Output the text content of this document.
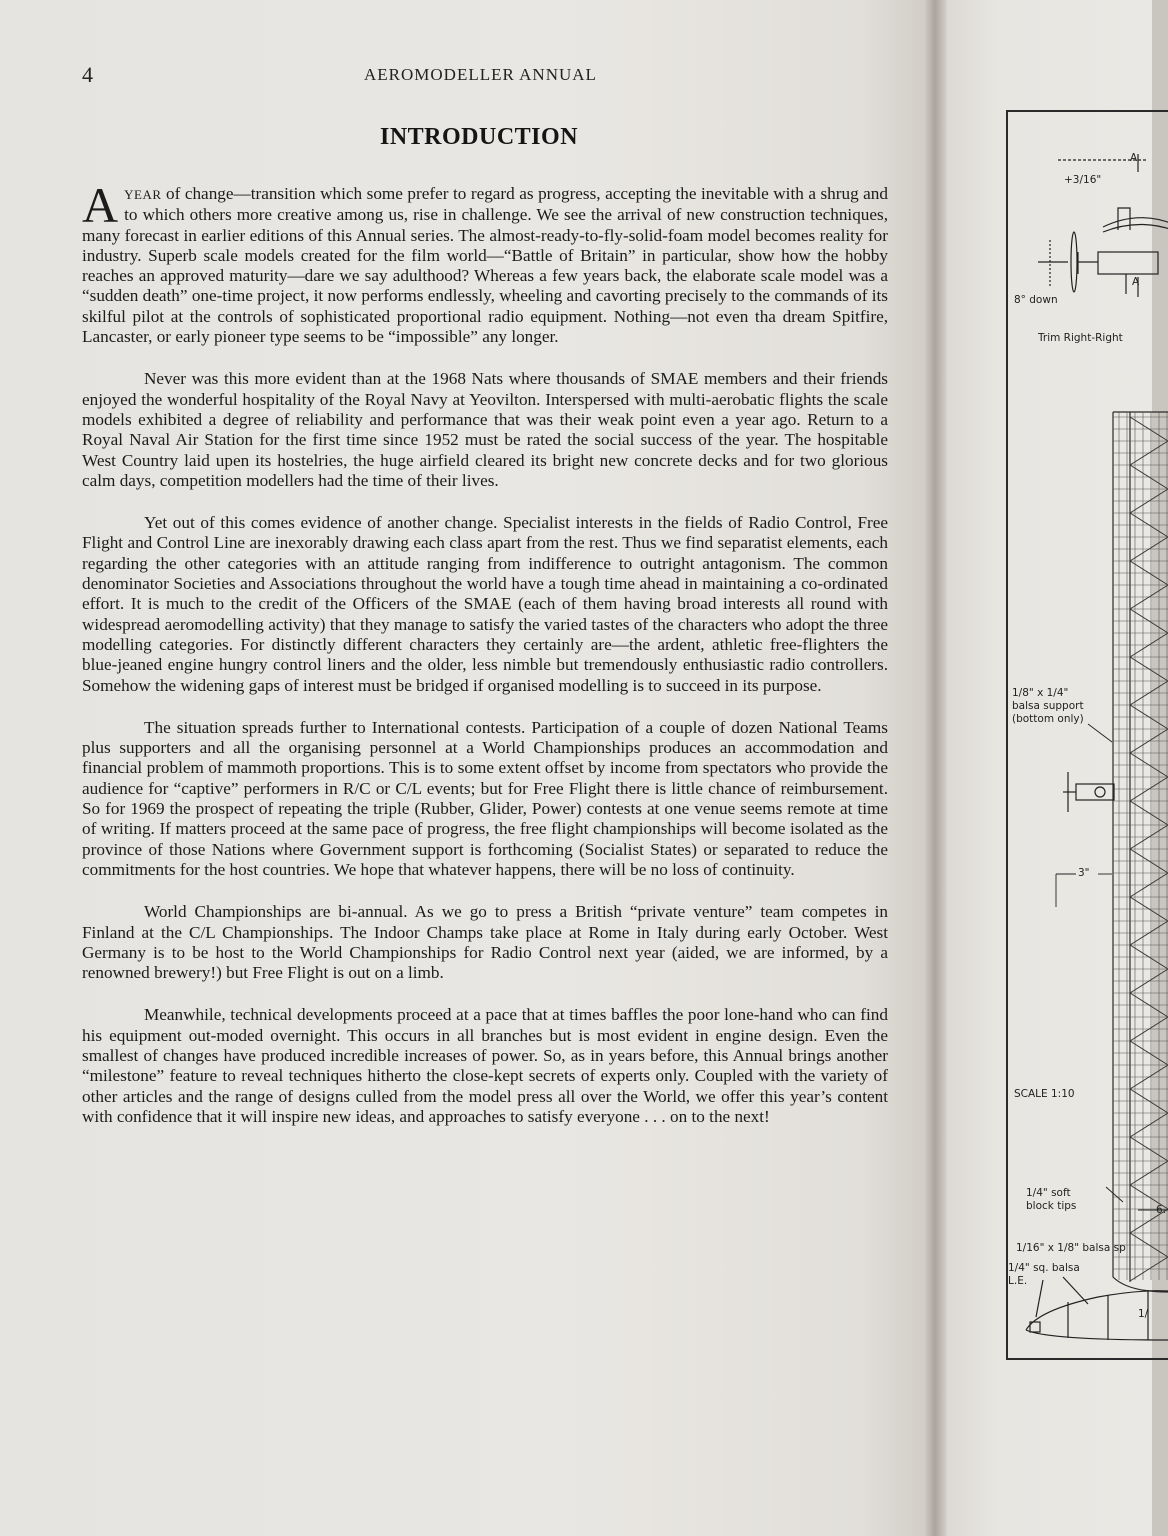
4	AEROMODELLER ANNUAL
INTRODUCTION

AYEAR of change—transition which some prefer to regard as progress, accepting the inevitable with a shrug and to which others more creative among us, rise in challenge. We see the arrival of new construction techniques, many forecast in earlier editions of this Annual series. The almost-ready-to-fly-solid-foam model becomes reality for industry. Superb scale models created for the film world—“Battle of Britain” in particular, show how the hobby reaches an approved maturity—dare we say adulthood? Whereas a few years back, the elaborate scale model was a “sudden death” one-time project, it now performs endlessly, wheeling and cavorting precisely to the commands of its skilful pilot at the controls of sophisticated proportional radio equipment. Nothing—not even tha dream Spitfire, Lancaster, or early pioneer type seems to be “impossible” any longer.

Never was this more evident than at the 1968 Nats where thousands of SMAE members and their friends enjoyed the wonderful hospitality of the Royal Navy at Yeovilton. Interspersed with multi-aerobatic flights the scale models exhibited a degree of reliability and performance that was their weak point even a year ago. Return to a Royal Naval Air Station for the first time since 1952 must be rated the social success of the year. The hospitable West Country laid upen its hostelries, the huge airfield cleared its bright new concrete decks and for two glorious calm days, competition modellers had the time of their lives.

Yet out of this comes evidence of another change. Specialist interests in the fields of Radio Control, Free Flight and Control Line are inexorably drawing each class apart from the rest. Thus we find separatist elements, each regarding the other categories with an attitude ranging from indifference to outright antagonism. The common denominator Societies and Associations throughout the world have a tough time ahead in maintaining a co-ordinated effort. It is much to the credit of the Officers of the SMAE (each of them having broad interests all round with widespread aeromodelling activity) that they manage to satisfy the varied tastes of the characters who adopt the three modelling categories. For distinctly different characters they certainly are—the ardent, athletic free-flighters the blue-jeaned engine hungry control liners and the older, less nimble but tremendously enthusiastic radio controllers. Somehow the widening gaps of interest must be bridged if organised modelling is to succeed in its purpose.

The situation spreads further to International contests. Participation of a couple of dozen National Teams plus supporters and all the organising personnel at a World Championships produces an accommodation and financial problem of mammoth proportions. This is to some extent offset by income from spectators who provide the audience for “captive” performers in R/C or C/L events; but for Free Flight there is little chance of reimbursement. So for 1969 the prospect of repeating the triple (Rubber, Glider, Power) contests at one venue seems remote at time of writing. If matters proceed at the same pace of progress, the free flight championships will become isolated as the province of those Nations where Government support is forthcoming (Socialist States) or separated to reduce the commitments for the host countries. We hope that whatever happens, there will be no loss of continuity.

World Championships are bi-annual. As we go to press a British “private venture” team competes in Finland at the C/L Championships. The Indoor Champs take place at Rome in Italy during early October. West Germany is to be host to the World Championships for Radio Control next year (aided, we are informed, by a renowned brewery!) but Free Flight is out on a limb.

Meanwhile, technical developments proceed at a pace that at times baffles the poor lone-hand who can find his equipment out-moded overnight. This occurs in all branches but is most evident in engine design. Even the smallest of changes have produced incredible increases of power. So, as in years before, this Annual brings another “milestone” feature to reveal techniques hitherto the close-kept secrets of experts only. Coupled with the variety of other articles and the range of designs culled from the model press all over the World, we offer this year’s content with confidence that it will inspire new ideas, and approaches to satisfy everyone . . . on to the next!

A
+3/16"
A
8° down
Trim Right-Right
1/8" x 1/4"
balsa support
(bottom only)
3"
SCALE 1:10
1/4" soft
block tips	6.
1/16" x 1/8" balsa sp
1/4" sq. balsa
L.E.
1/
